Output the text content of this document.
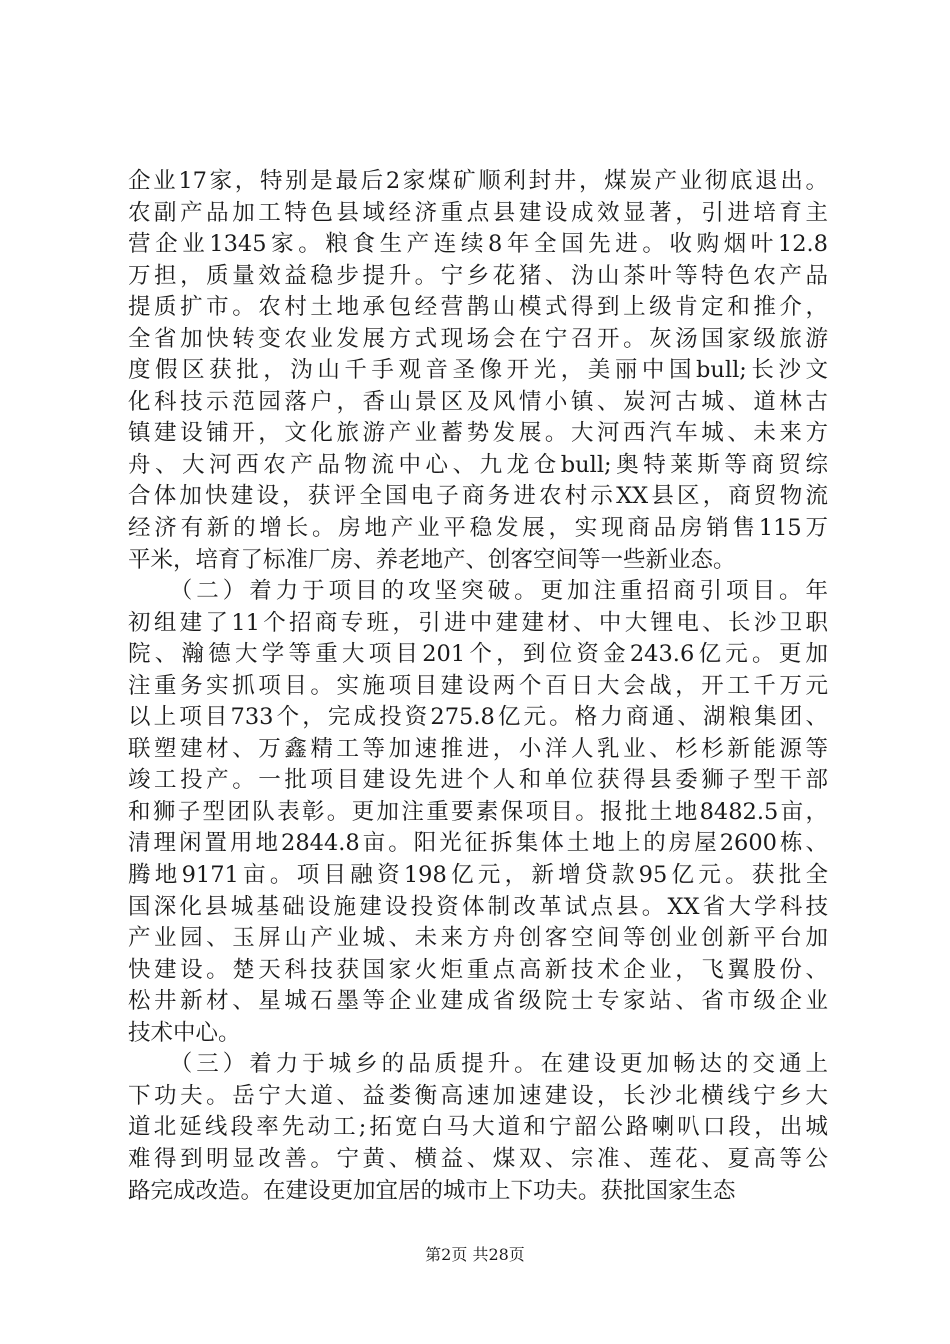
企业17家，特别是最后2家煤矿顺利封井，煤炭产业彻底退出。
农副产品加工特色县域经济重点县建设成效显著，引进培育主
营企业1345家。粮食生产连续8年全国先进。收购烟叶12.8
万担，质量效益稳步提升。宁乡花猪、沩山茶叶等特色农产品
提质扩市。农村土地承包经营鹊山模式得到上级肯定和推介，
全省加快转变农业发展方式现场会在宁召开。灰汤国家级旅游
度假区获批，沩山千手观音圣像开光，美丽中国bull;长沙文
化科技示范园落户，香山景区及风情小镇、炭河古城、道林古
镇建设铺开，文化旅游产业蓄势发展。大河西汽车城、未来方
舟、大河西农产品物流中心、九龙仓bull;奥特莱斯等商贸综
合体加快建设，获评全国电子商务进农村示XX县区，商贸物流
经济有新的增长。房地产业平稳发展，实现商品房销售115万
平米，培育了标准厂房、养老地产、创客空间等一些新业态。
　　（二）着力于项目的攻坚突破。更加注重招商引项目。年
初组建了11个招商专班，引进中建建材、中大锂电、长沙卫职
院、瀚德大学等重大项目201个，到位资金243.6亿元。更加
注重务实抓项目。实施项目建设两个百日大会战，开工千万元
以上项目733个，完成投资275.8亿元。格力商通、湖粮集团、
联塑建材、万鑫精工等加速推进，小洋人乳业、杉杉新能源等
竣工投产。一批项目建设先进个人和单位获得县委狮子型干部
和狮子型团队表彰。更加注重要素保项目。报批土地8482.5亩，
清理闲置用地2844.8亩。阳光征拆集体土地上的房屋2600栋、
腾地9171亩。项目融资198亿元，新增贷款95亿元。获批全
国深化县城基础设施建设投资体制改革试点县。XX省大学科技
产业园、玉屏山产业城、未来方舟创客空间等创业创新平台加
快建设。楚天科技获国家火炬重点高新技术企业，飞翼股份、
松井新材、星城石墨等企业建成省级院士专家站、省市级企业
技术中心。
　　（三）着力于城乡的品质提升。在建设更加畅达的交通上
下功夫。岳宁大道、益娄衡高速加速建设，长沙北横线宁乡大
道北延线段率先动工;拓宽白马大道和宁韶公路喇叭口段，出城
难得到明显改善。宁黄、横益、煤双、宗准、莲花、夏高等公
路完成改造。在建设更加宜居的城市上下功夫。获批国家生态
第2页 共28页
